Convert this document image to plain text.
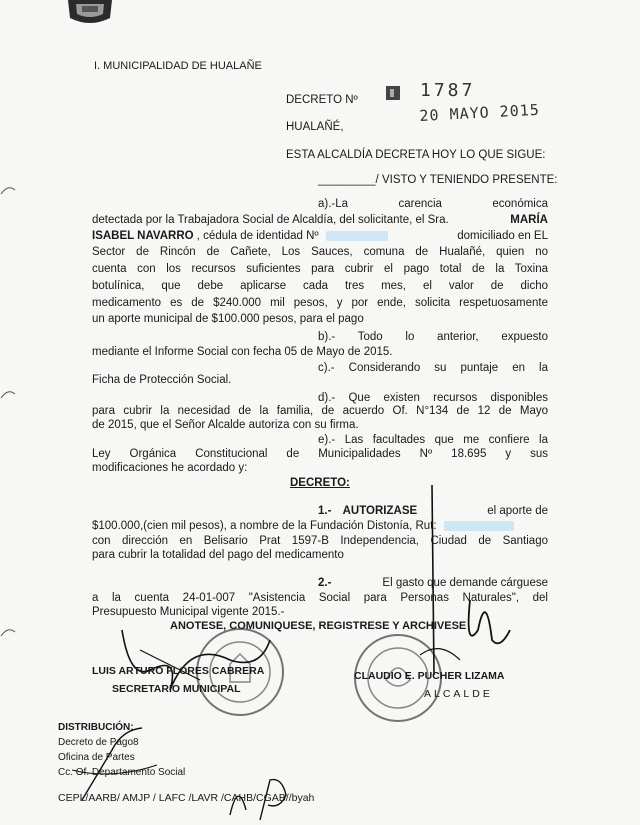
I. MUNICIPALIDAD DE HUALAÑE
DECRETO Nº	1787
HUALAÑÉ,
20 MAYO 2015
ESTA ALCALDÍA DECRETA HOY LO QUE SIGUE:
_________/ VISTO Y TENIENDO PRESENTE:
a).-La carencia económica
detectada por la Trabajadora Social de Alcaldía, del solicitante, el Sra.	MARÍA
ISABEL NAVARRO , cédula de identidad Nº	domiciliado en EL
Sector de Rincón de Cañete, Los Sauces, comuna de Hualañé, quien no
cuenta con los recursos suficientes para cubrir el pago total de la Toxina
botulínica, que debe aplicarse cada tres mes, el valor de dicho
medicamento es de $240.000 mil pesos, y por ende, solicita respetuosamente
un aporte municipal de $100.000 pesos, para el pago
b).- Todo lo anterior, expuesto
mediante el Informe Social con fecha 05 de Mayo de 2015.
c).- Considerando su puntaje en la
Ficha de Protección Social.
d).- Que existen recursos disponibles
para cubrir la necesidad de la familia, de acuerdo Of. N°134 de 12 de Mayo
de 2015, que el Señor Alcalde autoriza con su firma.
e).- Las facultades que me confiere la
Ley Orgánica Constitucional de Municipalidades Nº 18.695 y sus
modificaciones he acordado y:
DECRETO:
1.- AUTORIZASE	el aporte de
$100.000,(cien mil pesos), a nombre de la Fundación Distonía, Rut:
con dirección en Belisario Prat 1597-B Independencia, Ciudad de Santiago
para cubrir la totalidad del pago del medicamento
2.-	El gasto que demande cárguese
a la cuenta 24-01-007 "Asistencia Social para Personas Naturales", del
Presupuesto Municipal vigente 2015.-
ANOTESE, COMUNIQUESE, REGISTRESE Y ARCHIVESE
LUIS ARTURO FLORES CABRERA
SECRETARIO MUNICIPAL
CLAUDIO E. PUCHER LIZAMA
ALCALDE
DISTRIBUCIÓN:
Decreto de Pago8
Oficina de Partes
Cc. Of. Departamento Social
CEPL/AARB/ AMJP / LAFC /LAVR /CAHB/CGAB//byah
